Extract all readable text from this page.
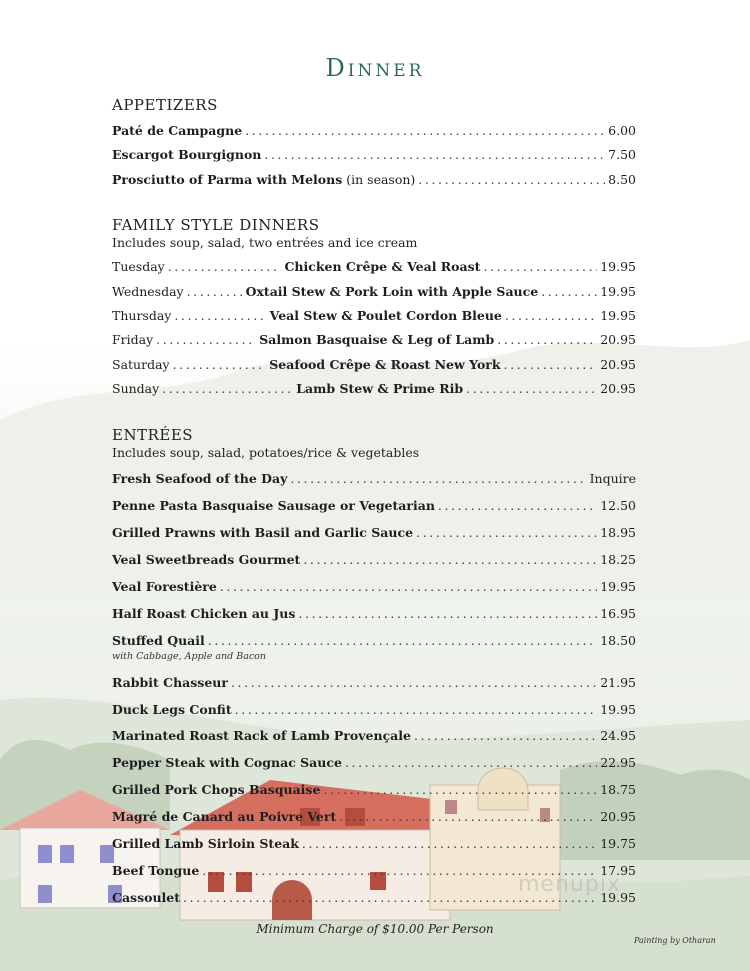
Dinner
APPETIZERS
Paté de Campagne .....	6.00
Escargot Bourgignon .....	7.50
Prosciutto of Parma with Melons (in season) .....	8.50
FAMILY STYLE DINNERS
Includes soup, salad, two entrées and ice cream
Tuesday .....	Chicken Crêpe & Veal Roast .....	19.95
Wednesday .....	Oxtail Stew & Pork Loin with Apple Sauce .....	19.95
Thursday .....	Veal Stew & Poulet Cordon Bleue .....	19.95
Friday .....	Salmon Basquaise & Leg of Lamb .....	20.95
Saturday .....	Seafood Crêpe & Roast New York .....	20.95
Sunday .....	Lamb Stew & Prime Rib .....	20.95
ENTRÉES
Includes soup, salad, potatoes/rice & vegetables
Fresh Seafood of the Day .....	Inquire
Penne Pasta Basquaise Sausage or Vegetarian .....	12.50
Grilled Prawns with Basil and Garlic Sauce .....	18.95
Veal Sweetbreads Gourmet .....	18.25
Veal Forestière .....	19.95
Half Roast Chicken au Jus .....	16.95
Stuffed Quail .....	18.50
with Cabbage, Apple and Bacon
Rabbit Chasseur .....	21.95
Duck Legs Confit .....	19.95
Marinated Roast Rack of Lamb Provençale .....	24.95
Pepper Steak with Cognac Sauce .....	22.95
Grilled Pork Chops Basquaise .....	18.75
Magré de Canard au Poivre Vert .....	20.95
Grilled Lamb Sirloin Steak .....	19.75
Beef Tongue .....	17.95
Cassoulet .....	19.95
menupix
Minimum Charge of $10.00 Per Person
Painting by Otharan
